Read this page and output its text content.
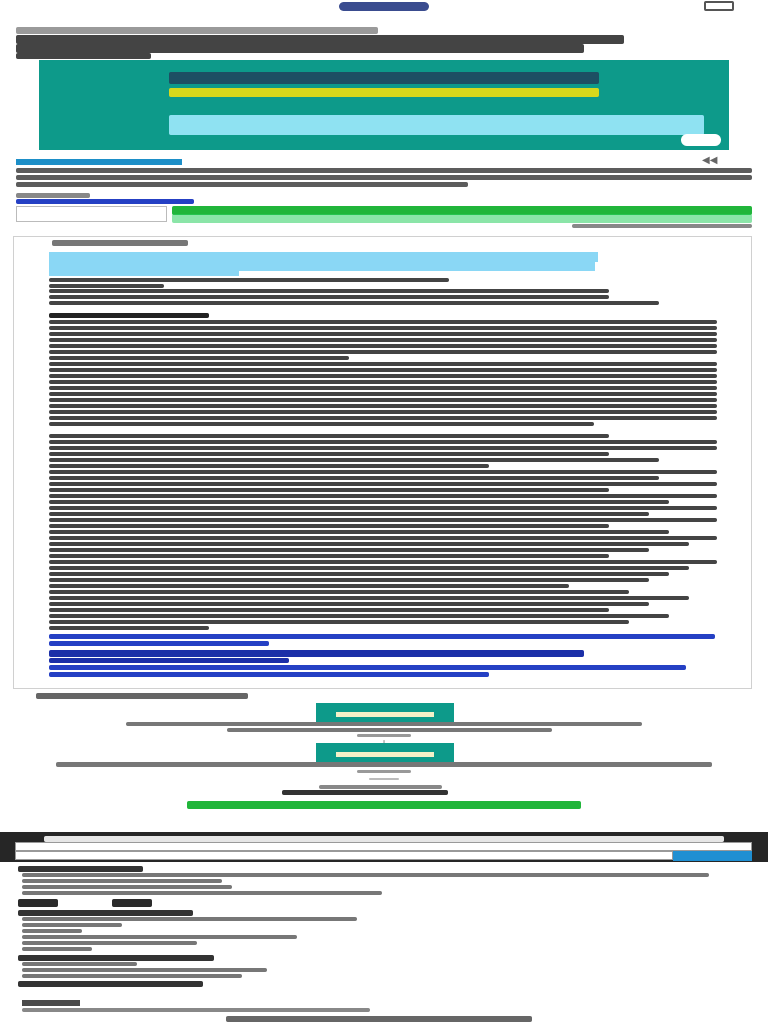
◀◀
